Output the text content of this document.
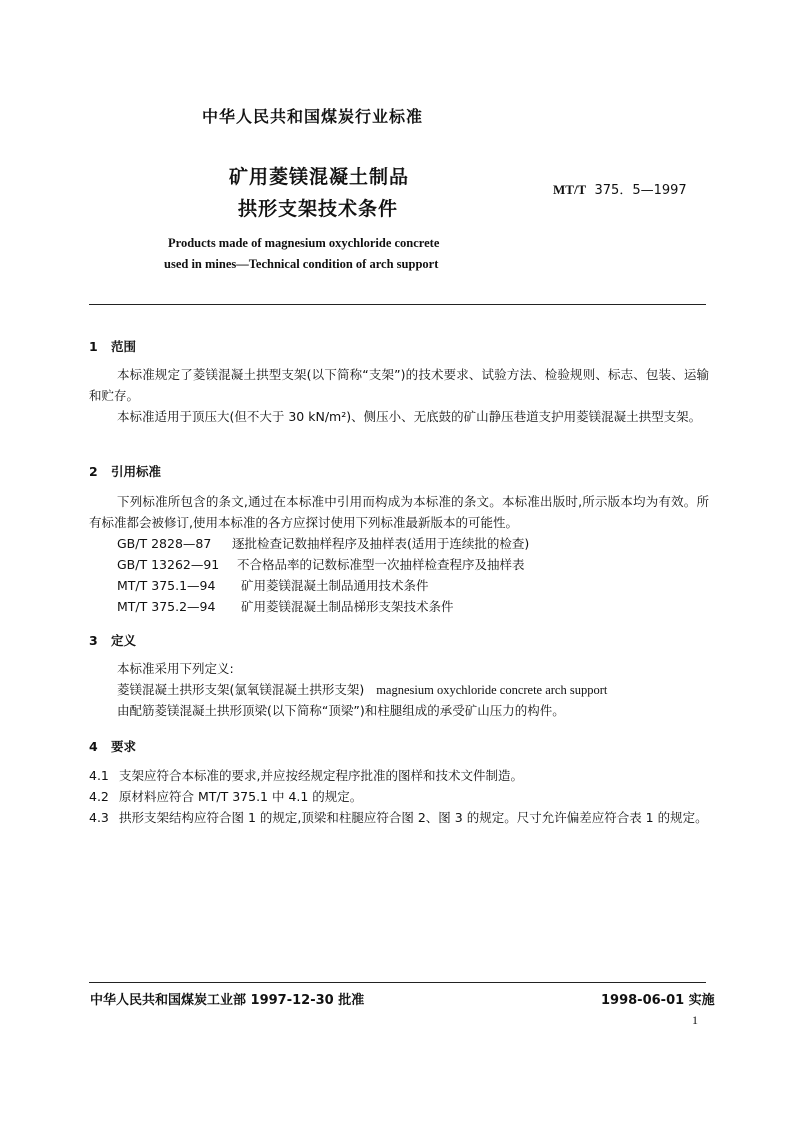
中华人民共和国煤炭行业标准
矿用菱镁混凝土制品
拱形支架技术条件
MT/T 375．5—1997
Products made of magnesium oxychloride concrete
used in mines—Technical condition of arch support
1 范围
本标准规定了菱镁混凝土拱型支架(以下简称“支架”)的技术要求、试验方法、检验规则、标志、包装、运输和贮存。
本标准适用于顶压大(但不大于 30 kN/m²)、侧压小、无底鼓的矿山静压巷道支护用菱镁混凝土拱型支架。
2 引用标准
下列标准所包含的条文,通过在本标准中引用而构成为本标准的条文。本标准出版时,所示版本均为有效。所有标准都会被修订,使用本标准的各方应探讨使用下列标准最新版本的可能性。
GB/T 2828—87 逐批检查记数抽样程序及抽样表(适用于连续批的检查)
GB/T 13262—91 不合格品率的记数标准型一次抽样检查程序及抽样表
MT/T 375.1—94 矿用菱镁混凝土制品通用技术条件
MT/T 375.2—94 矿用菱镁混凝土制品梯形支架技术条件
3 定义
本标准采用下列定义:
菱镁混凝土拱形支架(氯氧镁混凝土拱形支架) magnesium oxychloride concrete arch support
由配筋菱镁混凝土拱形顶梁(以下简称“顶梁”)和柱腿组成的承受矿山压力的构件。
4 要求
4.1 支架应符合本标准的要求,并应按经规定程序批准的图样和技术文件制造。
4.2 原材料应符合 MT/T 375.1 中 4.1 的规定。
4.3 拱形支架结构应符合图 1 的规定,顶梁和柱腿应符合图 2、图 3 的规定。尺寸允许偏差应符合表 1 的规定。
中华人民共和国煤炭工业部 1997-12-30 批准	1998-06-01 实施
1
